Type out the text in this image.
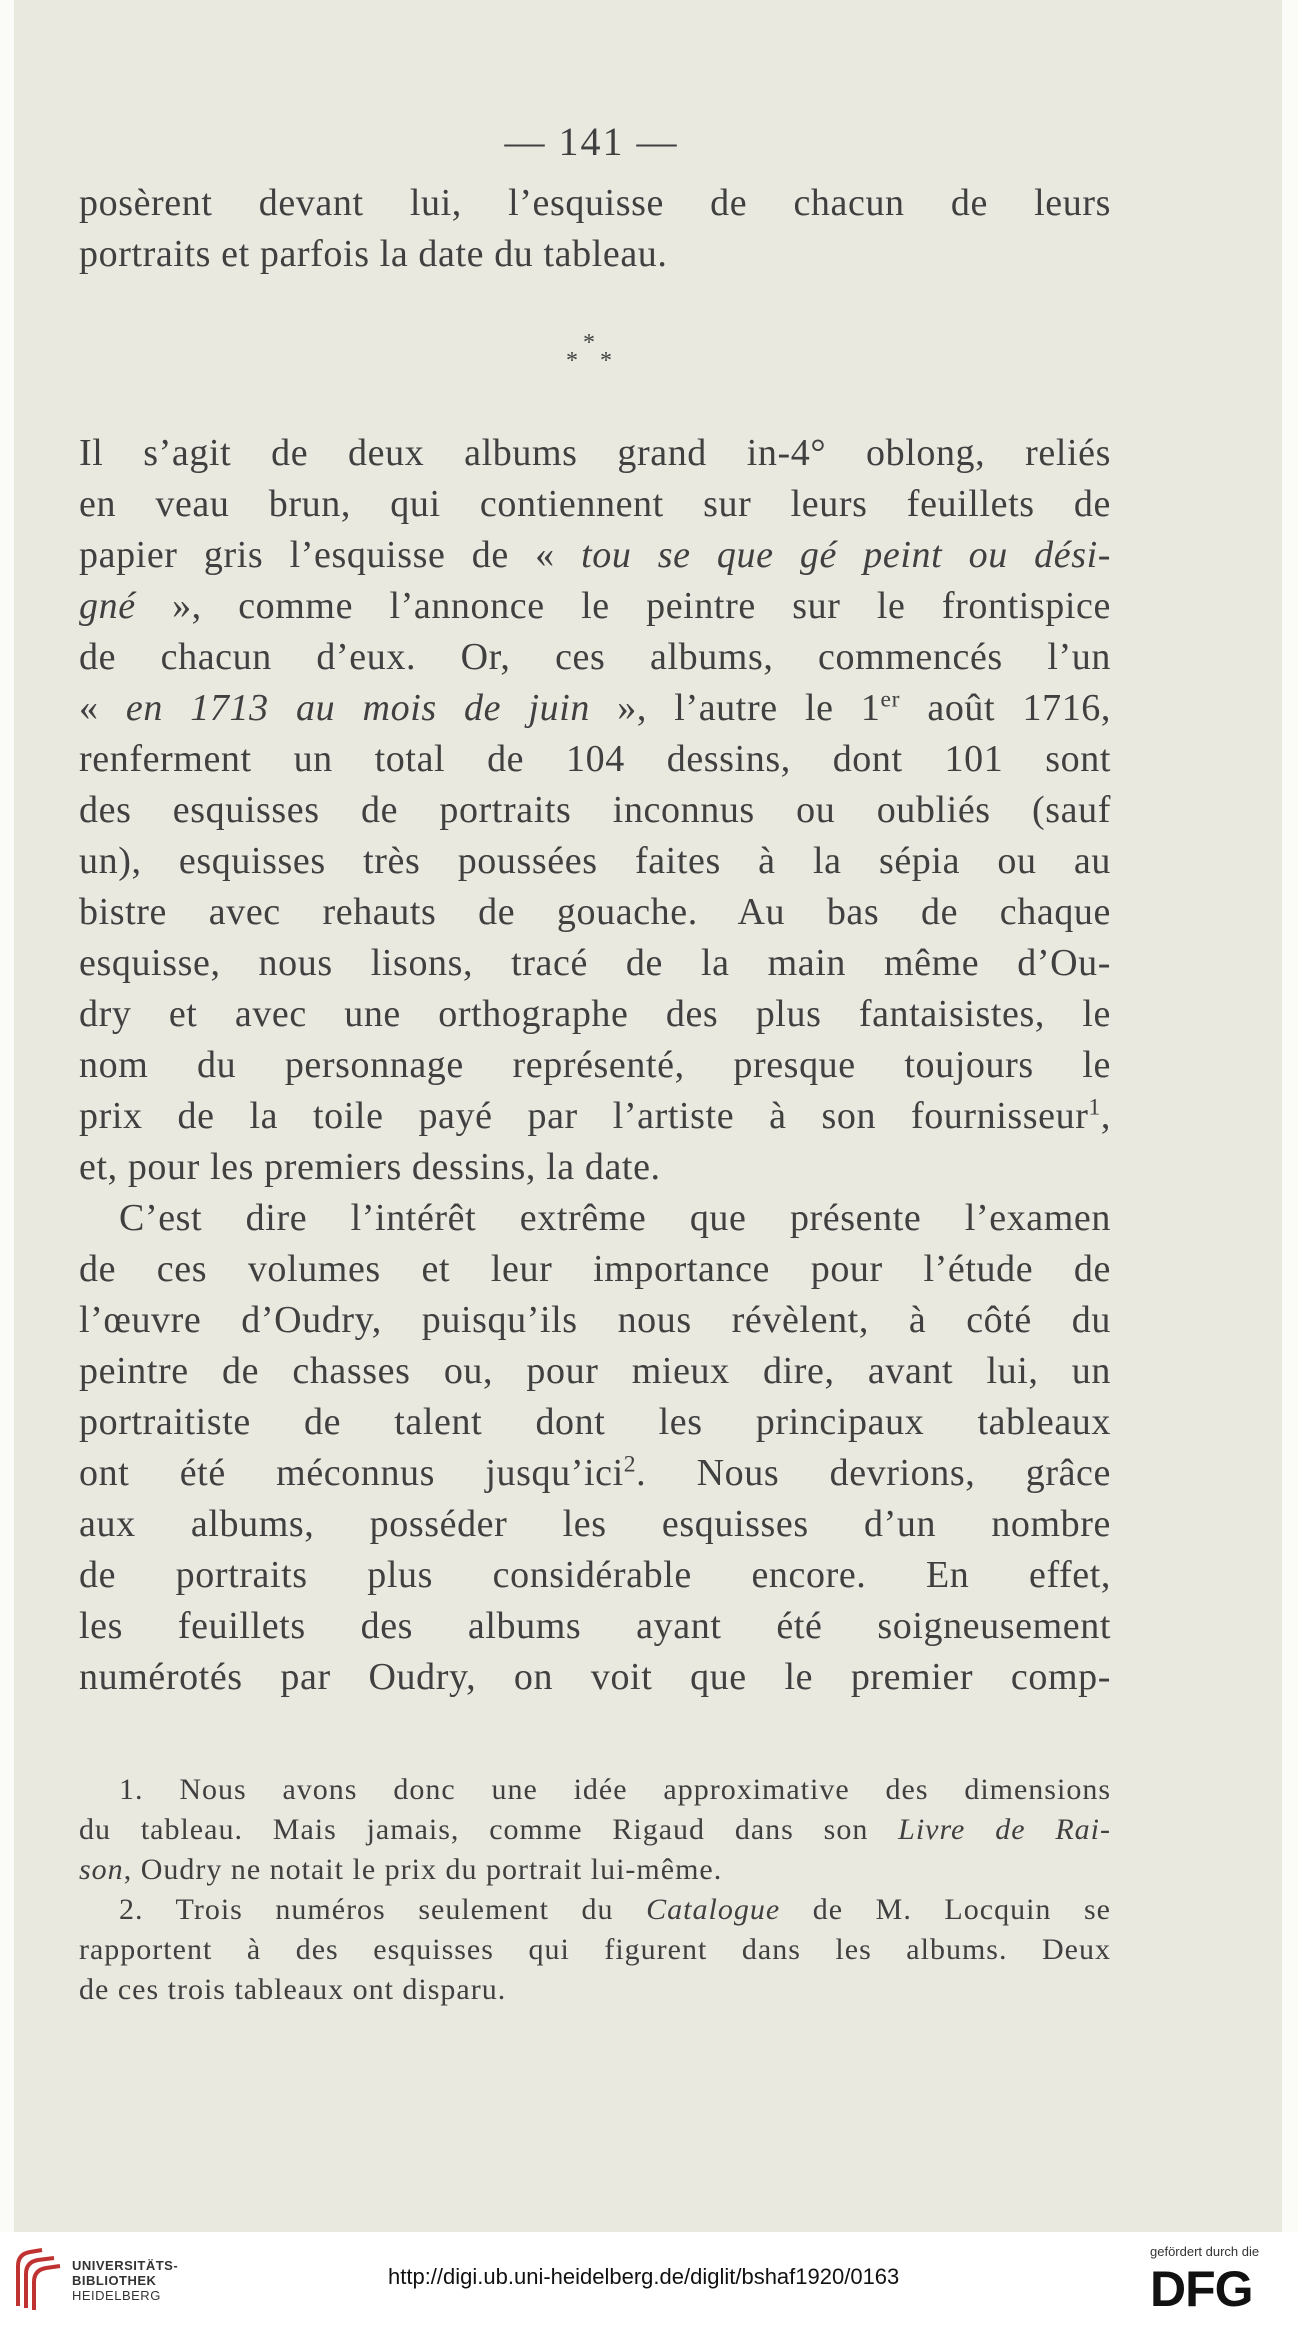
— 141 —
posèrent devant lui, l’esquisse de chacun de leurs
portraits et parfois la date du tableau.
*
* *
Il s’agit de deux albums grand in-4° oblong, reliés
en veau brun, qui contiennent sur leurs feuillets de
papier gris l’esquisse de « tou se que gé peint ou dési-
gné », comme l’annonce le peintre sur le frontispice
de chacun d’eux. Or, ces albums, commencés l’un
« en 1713 au mois de juin », l’autre le 1er août 1716,
renferment un total de 104 dessins, dont 101 sont
des esquisses de portraits inconnus ou oubliés (sauf
un), esquisses très poussées faites à la sépia ou au
bistre avec rehauts de gouache. Au bas de chaque
esquisse, nous lisons, tracé de la main même d’Ou-
dry et avec une orthographe des plus fantaisistes, le
nom du personnage représenté, presque toujours le
prix de la toile payé par l’artiste à son fournisseur$^1$,
et, pour les premiers dessins, la date.
C’est dire l’intérêt extrême que présente l’examen
de ces volumes et leur importance pour l’étude de
l’œuvre d’Oudry, puisqu’ils nous révèlent, à côté du
peintre de chasses ou, pour mieux dire, avant lui, un
portraitiste de talent dont les principaux tableaux
ont été méconnus jusqu’ici$^2$. Nous devrions, grâce
aux albums, posséder les esquisses d’un nombre
de portraits plus considérable encore. En effet,
les feuillets des albums ayant été soigneusement
numérotés par Oudry, on voit que le premier comp-
1. Nous avons donc une idée approximative des dimensions
du tableau. Mais jamais, comme Rigaud dans son Livre de Rai-
son, Oudry ne notait le prix du portrait lui-même.
2. Trois numéros seulement du Catalogue de M. Locquin se
rapportent à des esquisses qui figurent dans les albums. Deux
de ces trois tableaux ont disparu.
UNIVERSITÄTS-
BIBLIOTHEK
HEIDELBERG
http://digi.ub.uni-heidelberg.de/diglit/bshaf1920/0163
gefördert durch die
DFG
